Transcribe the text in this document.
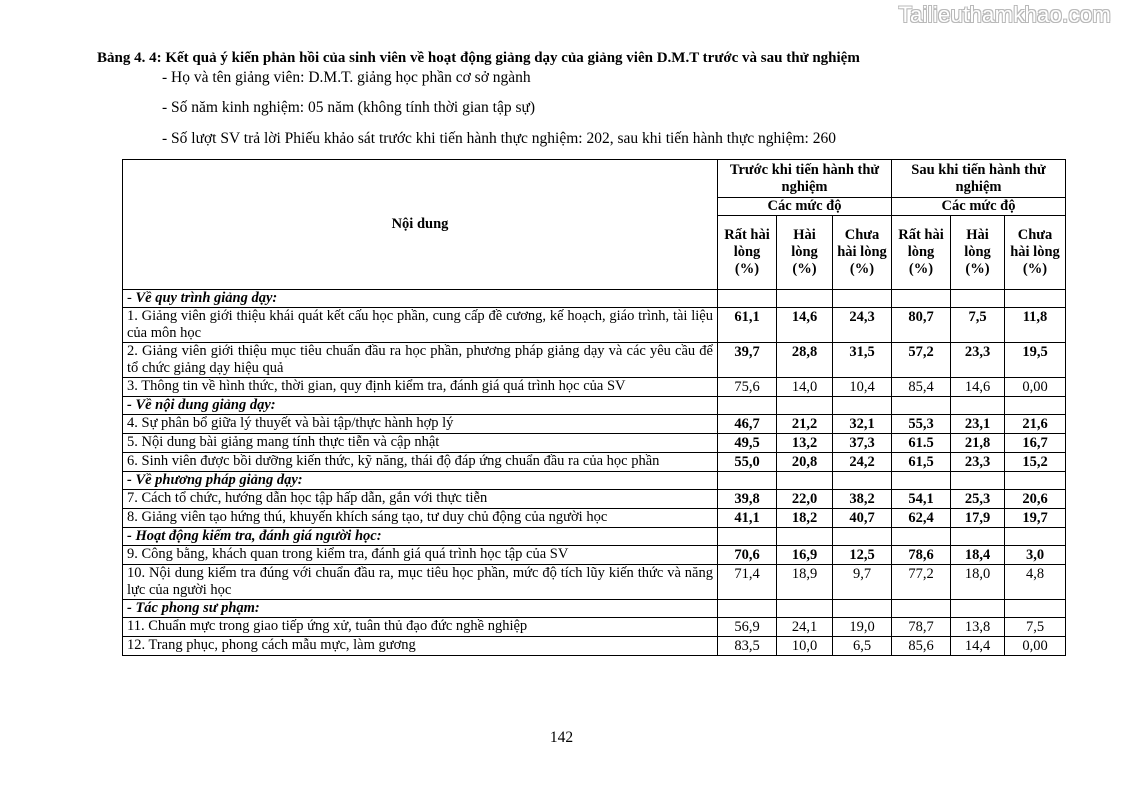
Tailieuthamkhao.com
Bảng 4. 4: Kết quả ý kiến phản hồi của sinh viên về hoạt động giảng dạy của giảng viên D.M.T trước và sau thử nghiệm
- Họ và tên giảng viên: D.M.T. giảng học phần cơ sở ngành
- Số năm kinh nghiệm: 05 năm (không tính thời gian tập sự)
- Số lượt SV trả lời Phiếu khảo sát trước khi tiến hành thực nghiệm: 202, sau khi tiến hành thực nghiệm: 260
Nội dung	Trước khi tiến hành thử nghiệm			Sau khi tiến hành thử nghiệm		
	Các mức độ			Các mức độ		
	Rất hài lòng (%)	Hài lòng (%)	Chưa hài lòng (%)	Rất hài lòng (%)	Hài lòng (%)	Chưa hài lòng (%)
- Về quy trình giảng dạy:						
1. Giảng viên giới thiệu khái quát kết cấu học phần, cung cấp đề cương, kế hoạch, giáo trình, tài liệu của môn học	61,1	14,6	24,3	80,7	7,5	11,8
2. Giảng viên giới thiệu mục tiêu chuẩn đầu ra học phần, phương pháp giảng dạy và các yêu cầu để tổ chức giảng dạy hiệu quả	39,7	28,8	31,5	57,2	23,3	19,5
3. Thông tin về hình thức, thời gian, quy định kiểm tra, đánh giá quá trình học của SV	75,6	14,0	10,4	85,4	14,6	0,00
- Về nội dung giảng dạy:						
4. Sự phân bổ giữa lý thuyết và bài tập/thực hành hợp lý	46,7	21,2	32,1	55,3	23,1	21,6
5. Nội dung bài giảng mang tính thực tiễn và cập nhật	49,5	13,2	37,3	61.5	21,8	16,7
6. Sinh viên được bồi dưỡng kiến thức, kỹ năng, thái độ đáp ứng chuẩn đầu ra của học phần	55,0	20,8	24,2	61,5	23,3	15,2
- Về phương pháp giảng dạy:						
7. Cách tổ chức, hướng dẫn học tập hấp dẫn, gắn với thực tiễn	39,8	22,0	38,2	54,1	25,3	20,6
8. Giảng viên tạo hứng thú, khuyến khích sáng tạo, tư duy chủ động của người học	41,1	18,2	40,7	62,4	17,9	19,7
- Hoạt động kiểm tra, đánh giá người học:						
9. Công bằng, khách quan trong kiểm tra, đánh giá quá trình học tập của SV	70,6	16,9	12,5	78,6	18,4	3,0
10. Nội dung kiểm tra đúng với chuẩn đầu ra, mục tiêu học phần, mức độ tích lũy kiến thức và năng lực của người học	71,4	18,9	9,7	77,2	18,0	4,8
- Tác phong sư phạm:						
11. Chuẩn mực trong giao tiếp ứng xử, tuân thủ đạo đức nghề nghiệp	56,9	24,1	19,0	78,7	13,8	7,5
12. Trang phục, phong cách mẫu mực, làm gương	83,5	10,0	6,5	85,6	14,4	0,00
142
